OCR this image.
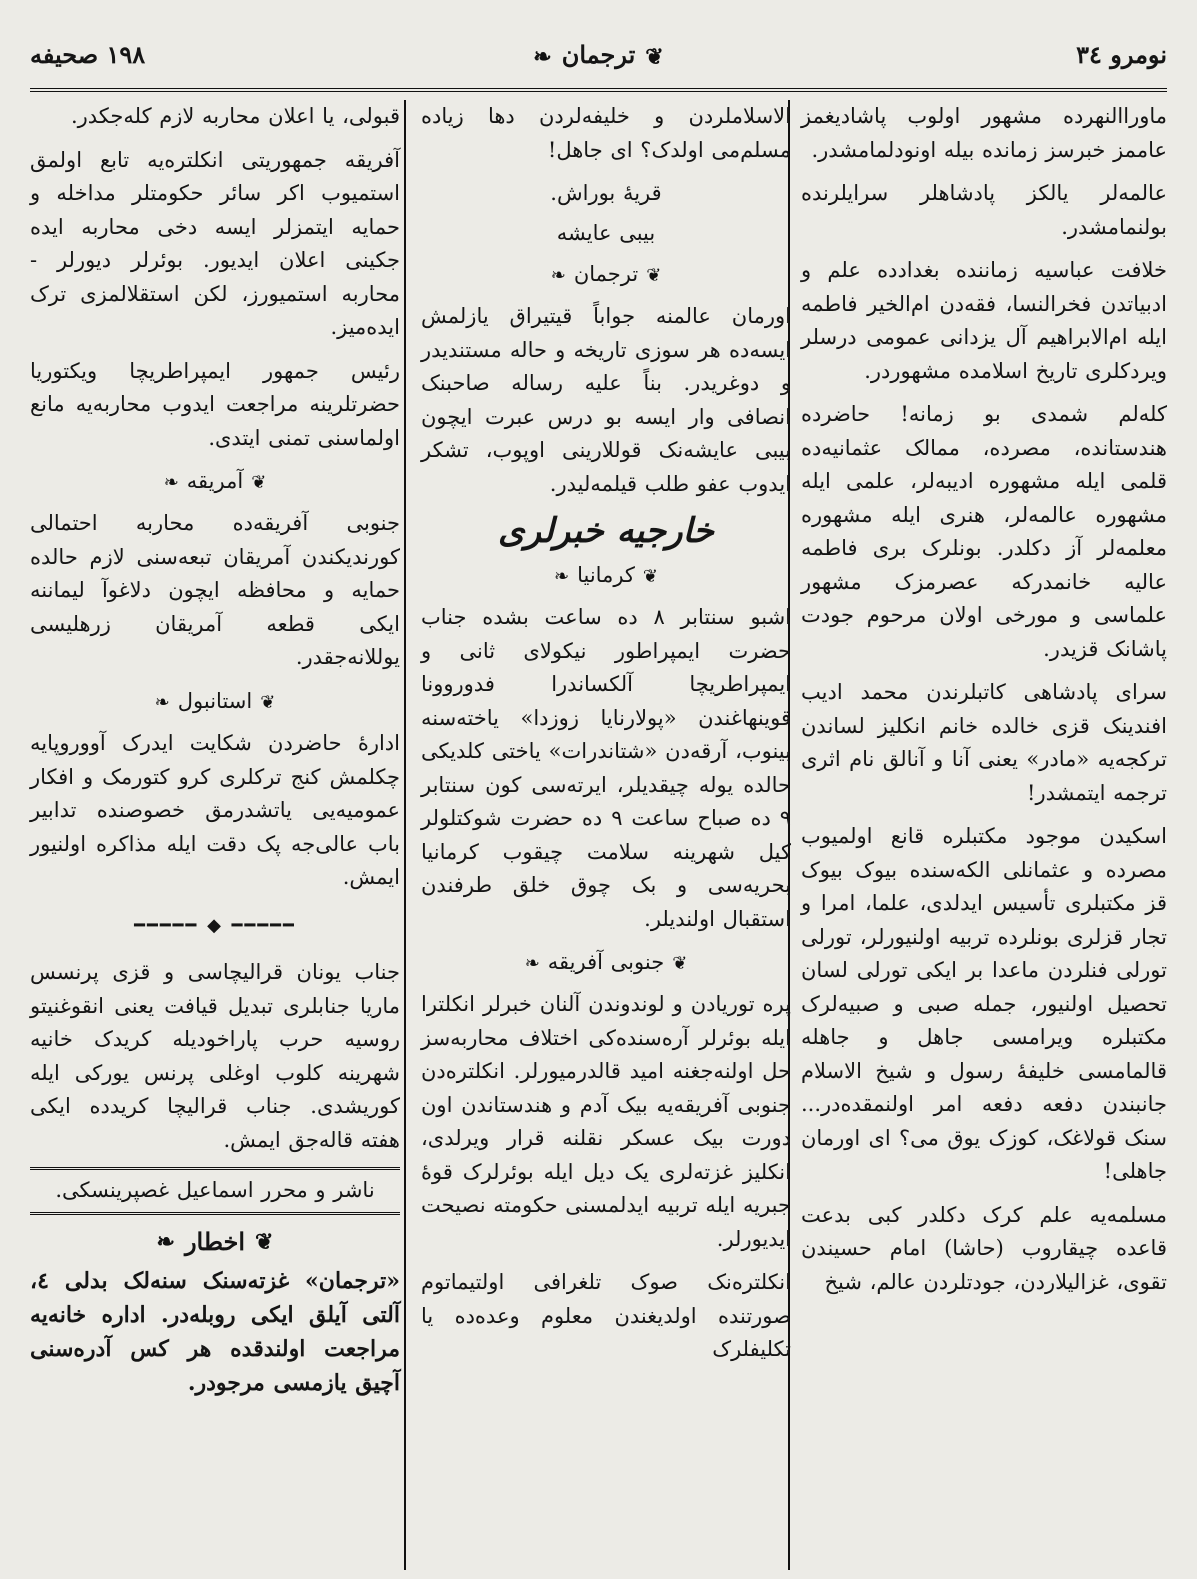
نومرو ٣٤
❦ترجمان❧
١٩٨ صحيفه

ماوراالنهرده مشهور اولوب پاشادیغمز عاممز خبرسز زمانده بیله اونودلمامشدر.

عالمه‌لر یالکز پادشاهلر سرایلرنده بولنمامشدر.

خلافت عباسیه زماننده بغدادده علم و ادبیاتدن فخرالنسا، فقه‌دن ام‌الخیر فاطمه ایله ام‌الابراهیم آل یزدانی عمومی درسلر ویردکلری تاریخ اسلامده مشهوردر.

کله‌لم شمدی بو زمانه! حاضرده هندستانده، مصرده، ممالک عثمانیه‌ده قلمی ایله مشهوره ادیبه‌لر، علمی ایله مشهوره عالمه‌لر، هنری ایله مشهوره معلمه‌لر آز دکلدر. بونلرک بری فاطمه عالیه خانمدرکه عصرمزک مشهور علماسی و مورخی اولان مرحوم جودت پاشانک قزیدر.

سرای پادشاهی کاتبلرندن محمد ادیب افندینک قزی خالده خانم انکلیز لساندن ترکجه‌یه «مادر» یعنی آنا و آنالق نام اثری ترجمه ایتمشدر!

اسکیدن موجود مکتبلره قانع اولمیوب مصرده و عثمانلی الکه‌سنده بیوک بیوک قز مکتبلری تأسیس ایدلدی، علما، امرا و تجار قزلری بونلرده تربیه اولنیورلر، تورلی تورلی فنلردن ماعدا بر ایکی تورلی لسان تحصیل اولنیور، جمله صبی و صبیه‌لرک مکتبلره ویرامسی جاهل و جاهله قالمامسی خلیفهٔ رسول و شیخ الاسلام جانبندن دفعه دفعه امر اولنمقده‌در... سنک قولاغک، کوزک یوق می؟ ای اورمان جاهلی!

مسلمه‌یه علم کرک دکلدر کبی بدعت قاعده چیقاروب (حاشا) امام حسیندن تقوی، غزالیلاردن، جودتلردن عالم، شیخ

الاسلاملردن و خلیفه‌لردن دها زیاده مسلم‌می اولدک؟ ای جاهل!

قریهٔ بوراش.
بیبی عایشه
❦ترجمان❧

اورمان عالمنه جواباً قیتیراق یازلمش ایسه‌ده هر سوزی تاریخه و حاله مستندیدر و دوغریدر. بناً علیه رساله صاحبنک انصافی وار ایسه بو درس عبرت ایچون بیبی عایشه‌نک قوللارینی اوپوب، تشکر ایدوب عفو طلب قیلمه‌لیدر.

خارجیه خبرلری
❦کرمانیا❧

اشبو سنتابر ٨ ده ساعت بشده جناب حضرت ایمپراطور نیکولای ثانی و ایمپراطریچا آلکساندرا فدوروونا قوینهاغندن «پولارنایا زوزدا» یاخته‌سنه بینوب، آرقه‌دن «شتاندرات» یاختی کلدیکی حالده یوله چیقدیلر، ایرته‌سی کون سنتابر ٩ ده صباح ساعت ٩ ده حضرت شوکتلولر کیل شهرینه سلامت چیقوب کرمانیا بحریه‌سی و بک چوق خلق طرفندن استقبال اولندیلر.

❦جنوبی آفریقه❧

پره توریادن و لوندوندن آلنان خبرلر انکلترا ایله بوئرلر آره‌سنده‌کی اختلاف محاربه‌سز حل اولنه‌جغنه امید قالدرمیورلر. انکلتره‌دن جنوبی آفریقه‌یه بیک آدم و هندستاندن اون دورت بیک عسکر نقلنه قرار ویرلدی، انکلیز غزته‌لری یک دیل ایله بوئرلرک قوهٔ جبریه ایله تربیه ایدلمسنی حکومته نصیحت ایدیورلر.

انکلتره‌نک صوک تلغرافی اولتیماتوم صورتنده اولدیغندن معلوم وعده‌ده یا تکلیفلرک

قبولی، یا اعلان محاربه لازم کله‌جکدر.

آفریقه جمهوریتی انکلتره‌یه تابع اولمق استمیوب اکر سائر حکومتلر مداخله و حمایه ایتمزلر ایسه دخی محاربه ایده جکینی اعلان ایدیور. بوئرلر دیورلر - محاربه استمیورز، لکن استقلالمزی ترک ایده‌میز.

رئیس جمهور ایمپراطریچا ویکتوریا حضرتلرینه مراجعت ایدوب محاربه‌یه مانع اولماسنی تمنی ایتدی.

❦آمریقه❧

جنوبی آفریقه‌ده محاربه احتمالی کورندیکندن آمریقان تبعه‌سنی لازم حالده حمایه و محافظه ایچون دلاغوآ لیماننه ایکی قطعه آمریقان زرهلیسی یوللانه‌جقدر.

❦استانبول❧

ادارهٔ حاضردن شکایت ایدرک آووروپایه چکلمش کنج ترکلری کرو کتورمک و افکار عمومیه‌یی یاتشدرمق خصوصنده تدابیر باب عالی‌جه پک دقت ایله مذاکره اولنیور ایمش.

━━━━━ ◆ ━━━━━

جناب یونان قرالیچاسی و قزی پرنسس ماریا جنابلری تبدیل قیافت یعنی انقوغنیتو روسیه حرب پاراخودیله کریدک خانیه شهرینه کلوب اوغلی پرنس یورکی ایله کوریشدی. جناب قرالیچا کریدده ایکی هفته قاله‌جق ایمش.

ناشر و محرر اسماعیل غصپرینسکی.
❦اخطار❧
«ترجمان» غزته‌سنک سنه‌لک بدلی ٤، آلتی آیلق ایکی روبله‌در. اداره خانه‌یه مراجعت اولندقده هر کس آدره‌سنی آچیق یازمسی مرجودر.
